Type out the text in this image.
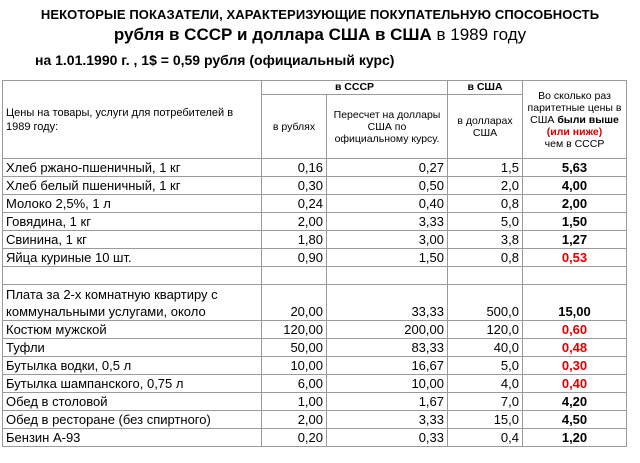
НЕКОТОРЫЕ ПОКАЗАТЕЛИ, ХАРАКТЕРИЗУЮЩИЕ ПОКУПАТЕЛЬНУЮ СПОСОБНОСТЬ
рубля в СССР и доллара США в США в 1989 году
на 1.01.1990 г. , 1$ = 0,59 рубля (официальный курс)
Цены на товары, услуги для потребителей в 1989 году:	в СССР		в США	Во сколько раз паритетные цены в США были выше
(или ниже)
чем в СССР
	в рублях	Пересчет на доллары США по официальному курсу.	в долларах США	
Хлеб ржано-пшеничный, 1 кг	0,16	0,27	1,5	5,63
Хлеб белый пшеничный, 1 кг	0,30	0,50	2,0	4,00
Молоко 2,5%, 1 л	0,24	0,40	0,8	2,00
Говядина, 1 кг	2,00	3,33	5,0	1,50
Свинина, 1 кг	1,80	3,00	3,8	1,27
Яйца куриные 10 шт.	0,90	1,50	0,8	0,53

Плата за 2-х комнатную квартиру с коммунальными услугами, около	20,00	33,33	500,0	15,00
Костюм мужской	120,00	200,00	120,0	0,60
Туфли	50,00	83,33	40,0	0,48
Бутылка водки, 0,5 л	10,00	16,67	5,0	0,30
Бутылка шампанского, 0,75 л	6,00	10,00	4,0	0,40
Обед в столовой	1,00	1,67	7,0	4,20
Обед в ресторане (без спиртного)	2,00	3,33	15,0	4,50
Бензин А-93	0,20	0,33	0,4	1,20
